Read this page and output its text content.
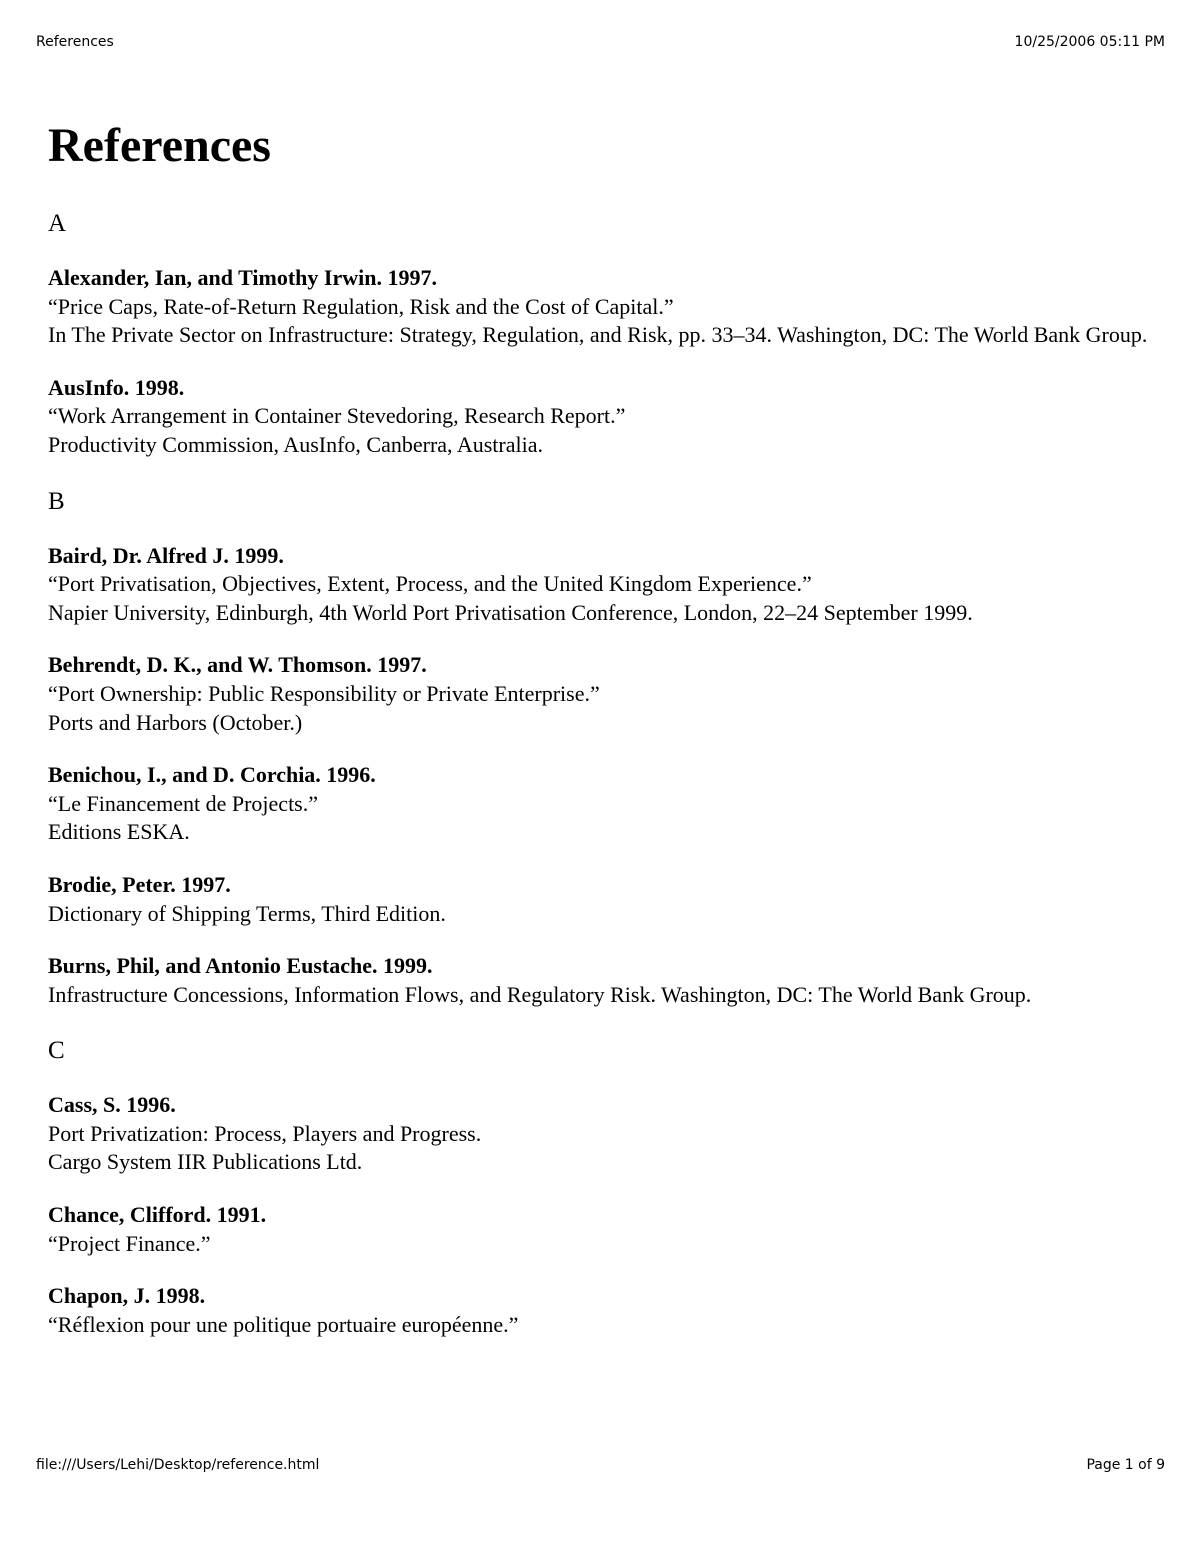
References	10/25/2006 05:11 PM
References
A
Alexander, Ian, and Timothy Irwin. 1997.
“Price Caps, Rate-of-Return Regulation, Risk and the Cost of Capital.”
In The Private Sector on Infrastructure: Strategy, Regulation, and Risk, pp. 33–34. Washington, DC: The World Bank Group.
AusInfo. 1998.
“Work Arrangement in Container Stevedoring, Research Report.”
Productivity Commission, AusInfo, Canberra, Australia.
B
Baird, Dr. Alfred J. 1999.
“Port Privatisation, Objectives, Extent, Process, and the United Kingdom Experience.”
Napier University, Edinburgh, 4th World Port Privatisation Conference, London, 22–24 September 1999.
Behrendt, D. K., and W. Thomson. 1997.
“Port Ownership: Public Responsibility or Private Enterprise.”
Ports and Harbors (October.)
Benichou, I., and D. Corchia. 1996.
“Le Financement de Projects.”
Editions ESKA.
Brodie, Peter. 1997.
Dictionary of Shipping Terms, Third Edition.
Burns, Phil, and Antonio Eustache. 1999.
Infrastructure Concessions, Information Flows, and Regulatory Risk. Washington, DC: The World Bank Group.
C
Cass, S. 1996.
Port Privatization: Process, Players and Progress.
Cargo System IIR Publications Ltd.
Chance, Clifford. 1991.
“Project Finance.”
Chapon, J. 1998.
“Réflexion pour une politique portuaire européenne.”
file:///Users/Lehi/Desktop/reference.html	Page 1 of 9
